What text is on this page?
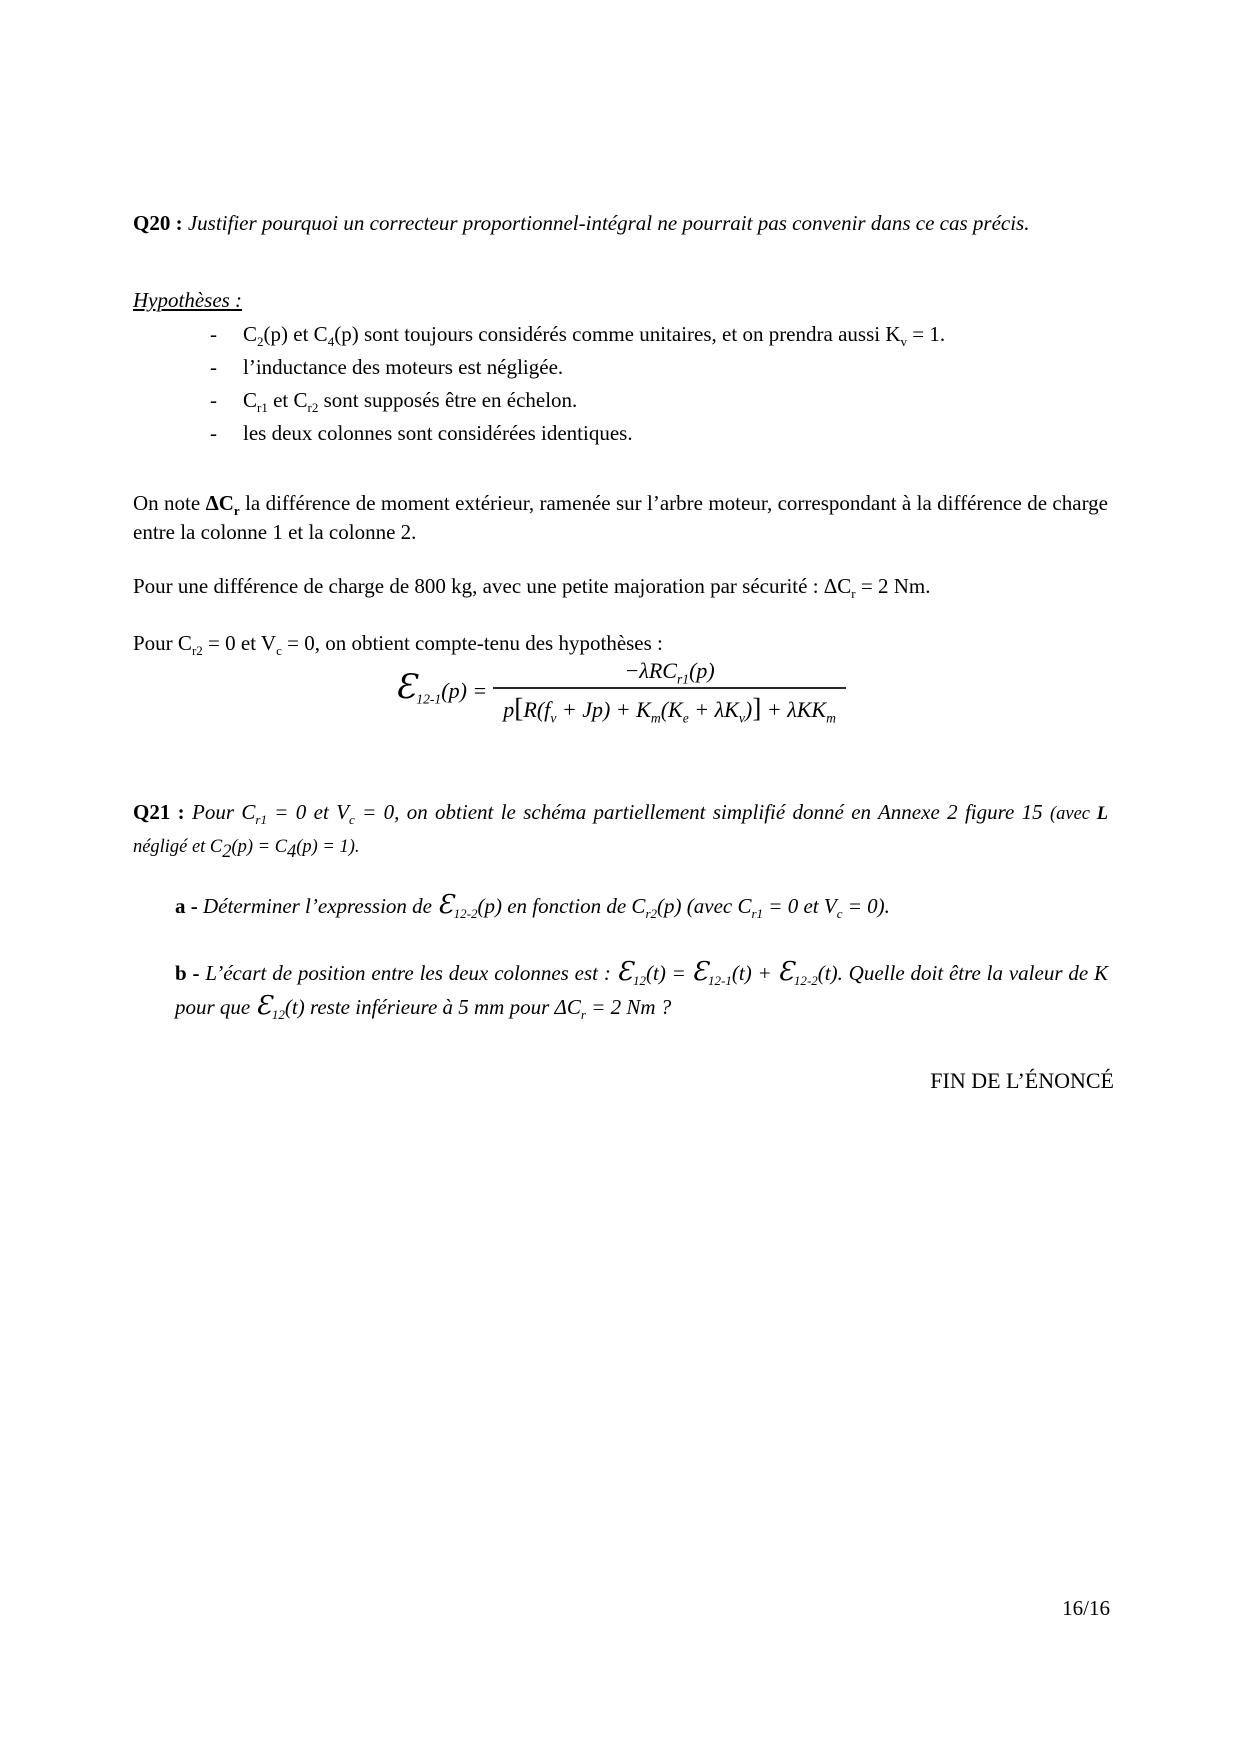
Q20 : Justifier pourquoi un correcteur proportionnel-intégral ne pourrait pas convenir dans ce cas précis.

Hypothèses :
-	$C_2(p)$ et $C_4(p)$ sont toujours considérés comme unitaires, et on prendra aussi $K_v = 1$.
-	l’inductance des moteurs est négligée.
-	$C_{r1}$ et $C_{r2}$ sont supposés être en échelon.
-	les deux colonnes sont considérées identiques.

On note $\Delta C_r$ la différence de moment extérieur, ramenée sur l’arbre moteur, correspondant à la différence de charge entre la colonne 1 et la colonne 2.

Pour une différence de charge de 800 kg, avec une petite majoration par sécurité : $\Delta C_r = 2$ Nm.

Pour $C_{r2} = 0$ et $V_c = 0$, on obtient compte-tenu des hypothèses :

$Ɛ_{12-1}(p) = \frac{-\lambda RC_{r1}(p)}{p[R(f_v + Jp) + K_m(K_e + \lambda K_v)] + \lambda KK_m}$

Q21 : Pour $C_{r1} = 0$ et $V_c = 0$, on obtient le schéma partiellement simplifié donné en Annexe 2 figure 15 (avec L négligé et C2(p) = C4(p) = 1).

a - Déterminer l’expression de $Ɛ_{12-2}(p)$ en fonction de $C_{r2}(p)$ (avec $C_{r1} = 0$ et $V_c = 0$).

b - L’écart de position entre les deux colonnes est : $Ɛ_{12}(t)$ = $Ɛ_{12-1}(t)$ + $Ɛ_{12-2}(t)$. Quelle doit être la valeur de K pour que $Ɛ_{12}(t)$ reste inférieure à 5 mm pour $\Delta C_r = 2$ Nm ?

FIN DE L’ÉNONCÉ
16/16
